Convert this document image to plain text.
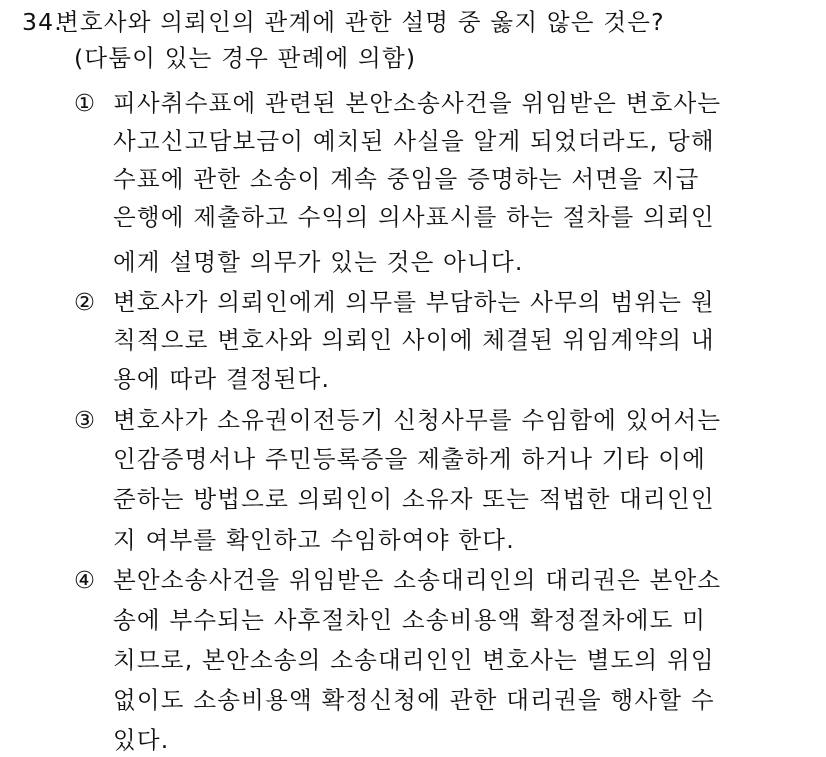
34.
변호사와 의뢰인의 관계에 관한 설명 중 옳지 않은 것은?
(다툼이 있는 경우 판례에 의함)
① 피사취수표에 관련된 본안소송사건을 위임받은 변호사는
사고신고담보금이 예치된 사실을 알게 되었더라도, 당해
수표에 관한 소송이 계속 중임을 증명하는 서면을 지급
은행에 제출하고 수익의 의사표시를 하는 절차를 의뢰인
에게 설명할 의무가 있는 것은 아니다.
② 변호사가 의뢰인에게 의무를 부담하는 사무의 범위는 원
칙적으로 변호사와 의뢰인 사이에 체결된 위임계약의 내
용에 따라 결정된다.
③ 변호사가 소유권이전등기 신청사무를 수임함에 있어서는
인감증명서나 주민등록증을 제출하게 하거나 기타 이에
준하는 방법으로 의뢰인이 소유자 또는 적법한 대리인인
지 여부를 확인하고 수임하여야 한다.
④ 본안소송사건을 위임받은 소송대리인의 대리권은 본안소
송에 부수되는 사후절차인 소송비용액 확정절차에도 미
치므로, 본안소송의 소송대리인인 변호사는 별도의 위임
없이도 소송비용액 확정신청에 관한 대리권을 행사할 수
있다.
